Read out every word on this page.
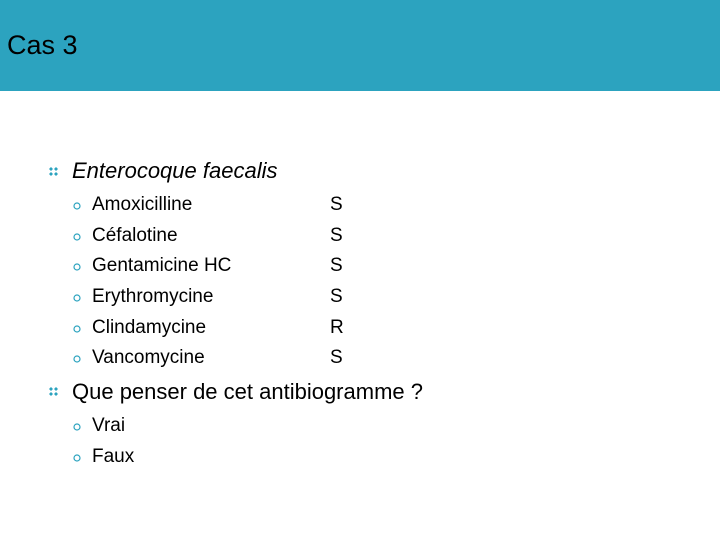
Cas 3
Enterocoque faecalis
Amoxicilline	S
Céfalotine	S
Gentamicine HC	S
Erythromycine	S
Clindamycine	R
Vancomycine	S
Que penser de cet antibiogramme ?
Vrai
Faux
